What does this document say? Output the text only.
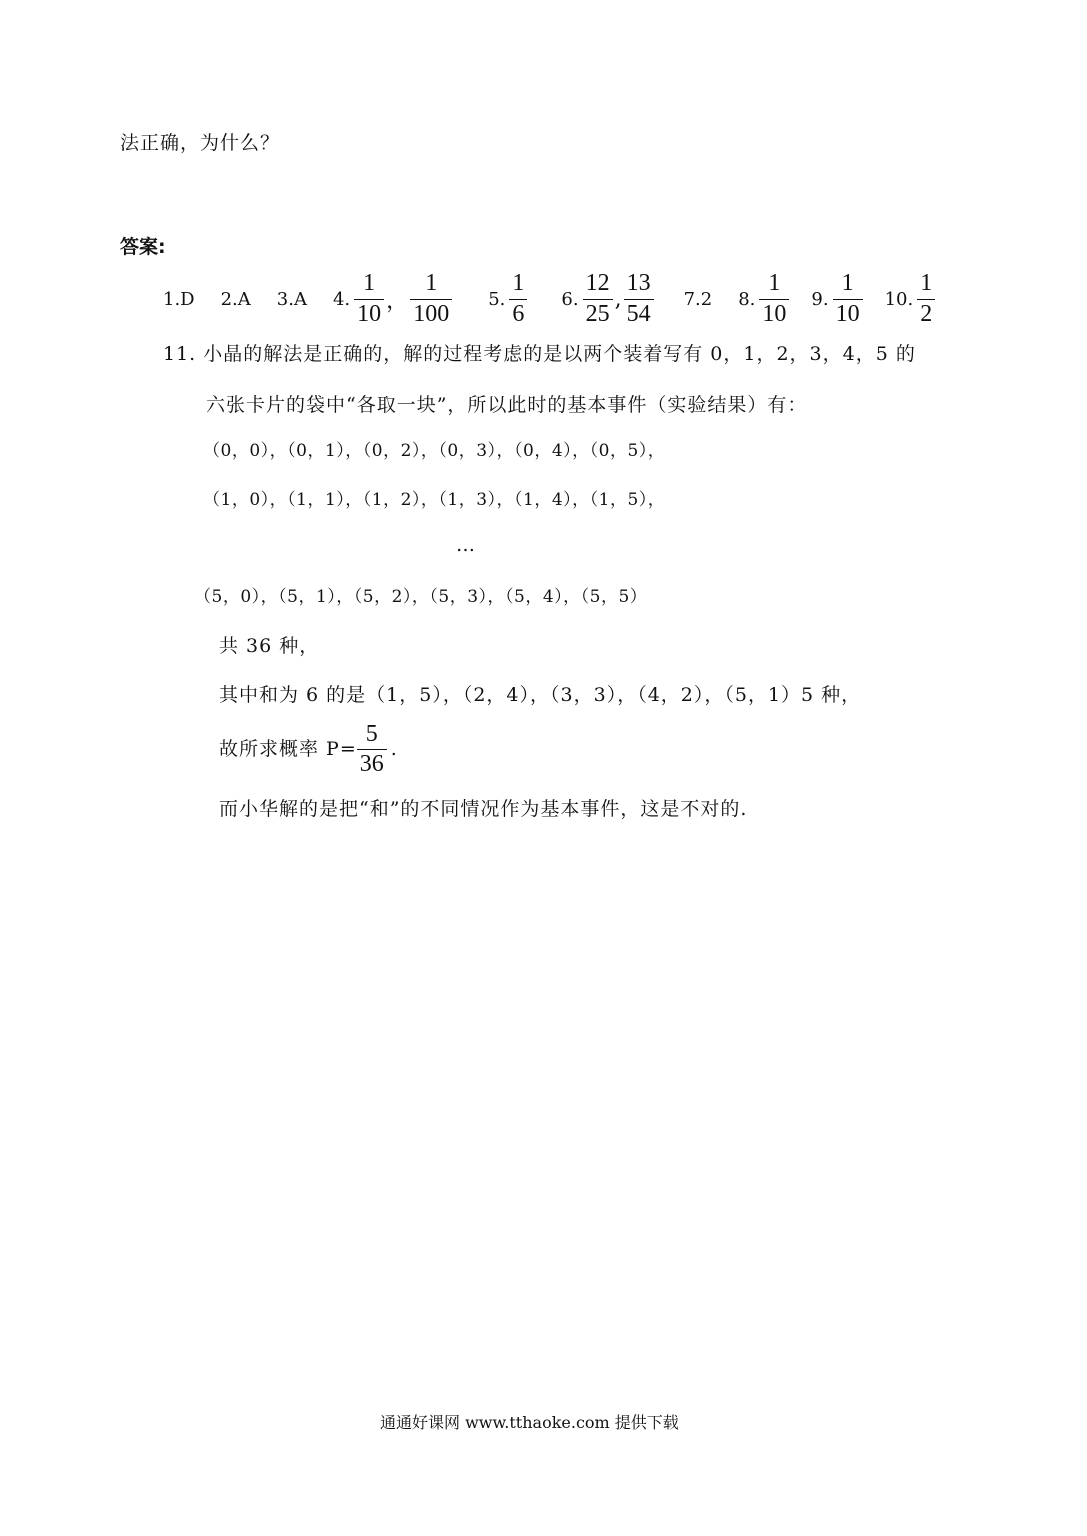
法正确，为什么？
答案:
1.D 2.A 3.A 4. $\frac{1}{10}$ ， $\frac{1}{100} 5$. $\frac{1}{6} 6$. $\frac{12}{25}$ , $\frac{13}{54} 7.2$ 8. $\frac{1}{10} 9$. $\frac{1}{10} 10$. $\frac{1}{2}$
11. 小晶的解法是正确的，解的过程考虑的是以两个装着写有 0，1，2，3，4，5 的
六张卡片的袋中“各取一块”，所以此时的基本事件（实验结果）有：
（0，0），（0，1），（0，2），（0，3），（0，4），（0，5），
（1，0），（1，1），（1，2），（1，3），（1，4），（1，5），
…
（5，0），（5，1），（5，2），（5，3），（5，4），（5，5）
共 36 种，
其中和为 6 的是（1，5），（2，4），（3，3），（4，2），（5，1）5 种，
故所求概率 $P= \frac{5}{36}$ .
而小华解的是把“和”的不同情况作为基本事件，这是不对的.
通通好课网 www.tthaoke.com 提供下载
